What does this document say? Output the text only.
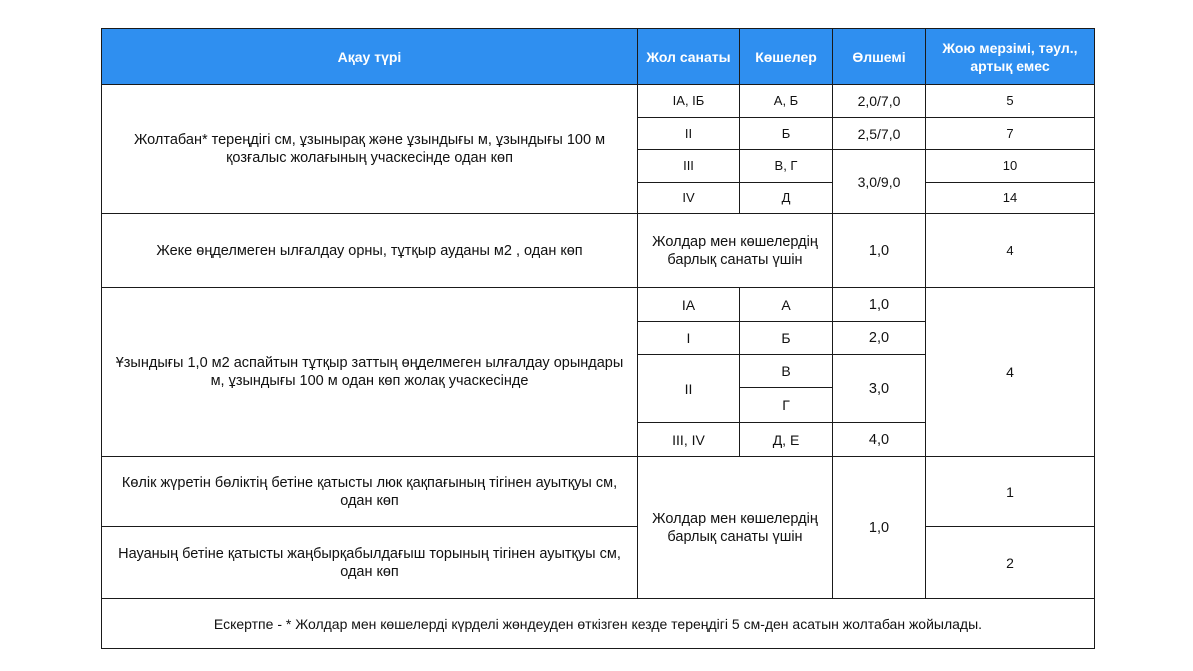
Ақау түрі	Жол санаты	Көшелер	Өлшемі	Жою мерзімі, тәул., артық емес
Жолтабан* тереңдігі см, ұзынырақ және ұзындығы м, ұзындығы 100 м қозғалыс жолағының учаскесінде одан көп	IА, IБ	А, Б	2,0/7,0	5
	II	Б	2,5/7,0	7
	III	В, Г	3,0/9,0	10
	IV	Д		14
Жеке өңделмеген ылғалдау орны, тұтқыр ауданы м2 , одан көп	Жолдар мен көшелердің барлық санаты үшін		1,0	4
Ұзындығы 1,0 м2 аспайтын тұтқыр заттың өңделмеген ылғалдау орындары м, ұзындығы 100 м одан көп жолақ учаскесінде	IА	А	1,0	4
	I	Б	2,0	
	II	В	3,0	
		Г		
	III, IV	Д, Е	4,0	
Көлік жүретін бөліктің бетіне қатысты люк қақпағының тігінен ауытқуы см, одан көп	Жолдар мен көшелердің барлық санаты үшін		1,0	1
Науаның бетіне қатысты жаңбырқабылдағыш торының тігінен ауытқуы см, одан көп				2
Ескертпе - * Жолдар мен көшелерді күрделі жөндеуден өткізген кезде тереңдігі 5 см-ден асатын жолтабан жойылады.				
